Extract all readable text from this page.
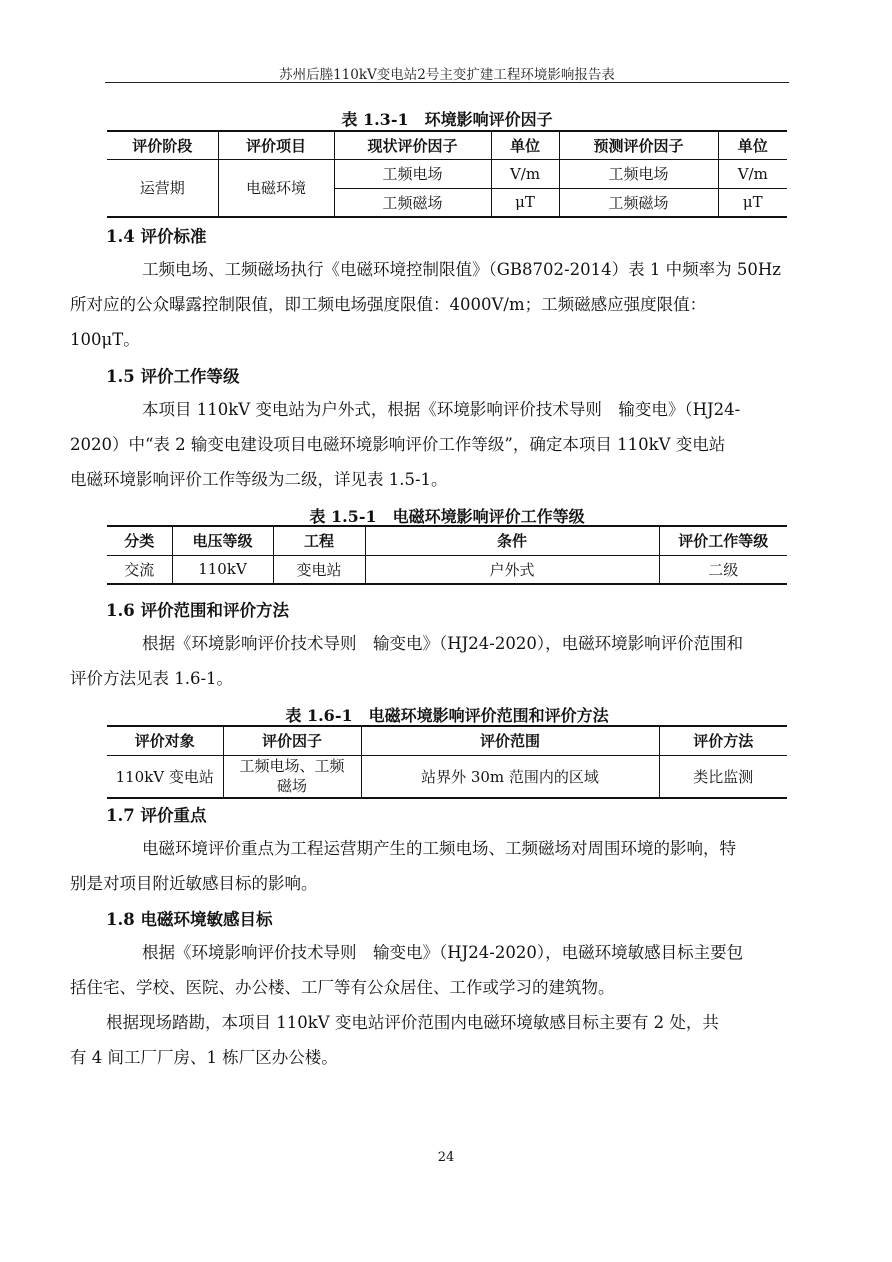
苏州后塍110kV变电站2号主变扩建工程环境影响报告表
表 1.3-1　环境影响评价因子
评价阶段	评价项目	现状评价因子	单位	预测评价因子	单位
运营期	电磁环境	工频电场	V/m	工频电场	V/m
		工频磁场	μT	工频磁场	μT
1.4 评价标准

工频电场、工频磁场执行《电磁环境控制限值》（GB8702-2014）表 1 中频率为 50Hz
所对应的公众曝露控制限值，即工频电场强度限值：4000V/m；工频磁感应强度限值：
100μT。

1.5 评价工作等级

本项目 110kV 变电站为户外式，根据《环境影响评价技术导则　输变电》（HJ24-
2020）中“表 2 输变电建设项目电磁环境影响评价工作等级”，确定本项目 110kV 变电站
电磁环境影响评价工作等级为二级，详见表 1.5-1。

表 1.5-1　电磁环境影响评价工作等级
分类	电压等级	工程	条件	评价工作等级
交流	110kV	变电站	户外式	二级
1.6 评价范围和评价方法

根据《环境影响评价技术导则　输变电》（HJ24-2020），电磁环境影响评价范围和
评价方法见表 1.6-1。

表 1.6-1　电磁环境影响评价范围和评价方法
评价对象	评价因子	评价范围	评价方法
110kV 变电站	工频电场、工频
磁场	站界外 30m 范围内的区域	类比监测
1.7 评价重点

电磁环境评价重点为工程运营期产生的工频电场、工频磁场对周围环境的影响，特
别是对项目附近敏感目标的影响。

1.8 电磁环境敏感目标

根据《环境影响评价技术导则　输变电》（HJ24-2020），电磁环境敏感目标主要包
括住宅、学校、医院、办公楼、工厂等有公众居住、工作或学习的建筑物。
根据现场踏勘，本项目 110kV 变电站评价范围内电磁环境敏感目标主要有 2 处，共
有 4 间工厂厂房、1 栋厂区办公楼。

24
